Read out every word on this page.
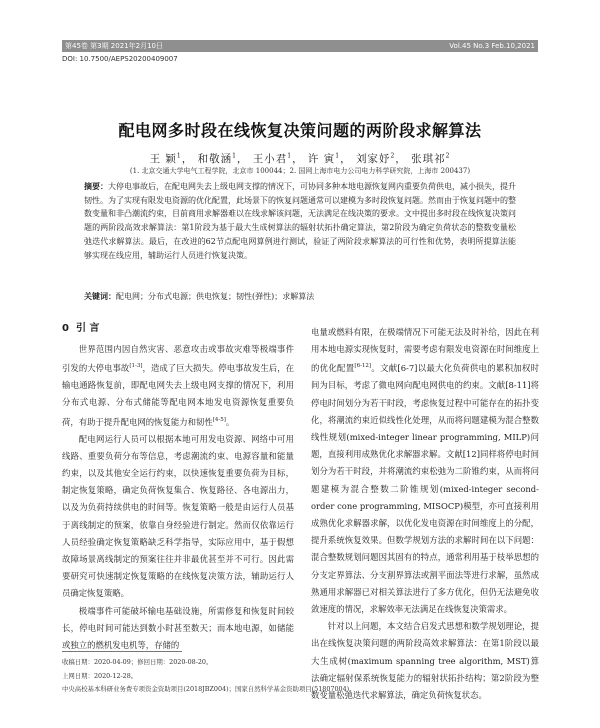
第45卷 第3期 2021年2月10日	Vol.45 No.3 Feb.10,2021
DOI: 10.7500/AEPS20200409007
配电网多时段在线恢复决策问题的两阶段求解算法
王 颖$^1$， 和敬涵$^1$， 王小君$^1$， 许 寅$^1$， 刘家妤$^2$， 张琪祁$^2$
(1. 北京交通大学电气工程学院，北京市 100044；2. 国网上海市电力公司电力科学研究院，上海市 200437)
摘要：大停电事故后，在配电网失去上级电网支撑的情况下，可协同多种本地电源恢复网内重要负荷供电，减小损失，提升韧性。为了实现有限发电资源的优化配置，此场景下的恢复问题通常可以建模为多时段恢复问题。然而由于恢复问题中的整数变量和非凸潮流约束，目前商用求解器难以在线求解该问题，无法满足在线决策的要求。文中提出多时段在线恢复决策问题的两阶段高效求解算法：第1阶段为基于最大生成树算法的辐射状拓扑确定算法，第2阶段为确定负荷状态的整数变量松弛迭代求解算法。最后，在改进的62节点配电网算例进行测试，验证了两阶段求解算法的可行性和优势，表明所提算法能够实现在线应用，辅助运行人员进行恢复决策。
关键词：配电网；分布式电源；供电恢复；韧性(弹性)；求解算法
0 引 言

世界范围内因自然灾害、恶意攻击或事故灾难等极端事件引发的大停电事故[1-3]，造成了巨大损失。停电事故发生后，在输电通路恢复前，即配电网失去上级电网支撑的情况下，利用分布式电源、分布式储能等配电网本地发电资源恢复重要负荷，有助于提升配电网的恢复能力和韧性[4-5]。

配电网运行人员可以根据本地可用发电资源、网络中可用线路、重要负荷分布等信息，考虑潮流约束、电源容量和能量约束，以及其他安全运行约束，以快速恢复重要负荷为目标，制定恢复策略，确定负荷恢复集合、恢复路径、各电源出力，以及为负荷持续供电的时间等。恢复策略一般是由运行人员基于离线制定的预案，依靠自身经验进行制定。然而仅依靠运行人员经验确定恢复策略缺乏科学指导，实际应用中，基于假想故障场景离线制定的预案往往并非最优甚至并不可行。因此需要研究可快速制定恢复策略的在线恢复决策方法，辅助运行人员确定恢复策略。

极端事件可能破坏输电基础设施，所需修复和恢复时间较长，停电时间可能达到数小时甚至数天；而本地电源，如储能或独立的燃机发电机等，存储的

电量或燃料有限，在极端情况下可能无法及时补给，因此在利用本地电源实现恢复时，需要考虑有限发电资源在时间维度上的优化配置[6-12]。文献[6-7]以最大化负荷供电的累积加权时间为目标，考虑了微电网向配电网供电的约束。文献[8-11]将停电时间划分为若干时段，考虑恢复过程中可能存在的拓扑变化，将潮流约束近似线性化处理，从而将问题建模为混合整数线性规划(mixed-integer linear programming, MILP)问题，直接利用成熟优化求解器求解。文献[12]同样将停电时间划分为若干时段，并将潮流约束松弛为二阶锥约束，从而将问题建模为混合整数二阶锥规划(mixed-integer second-order cone programming, MISOCP)模型，亦可直接利用成熟优化求解器求解，以优化发电资源在时间维度上的分配，提升系统恢复效果。但数学规划方法的求解时间在以下问题：混合整数规划问题因其固有的特点，通常利用基于枝举思想的分支定界算法、分支割界算法或割平面法等进行求解，虽然成熟通用求解器已对相关算法进行了多方优化，但仍无法避免收敛速度的情况，求解效率无法满足在线恢复决策需求。

针对以上问题，本文结合启发式思想和数学规划理论，提出在线恢复决策问题的两阶段高效求解算法：在第1阶段以最大生成树(maximum spanning tree algorithm, MST)算法确定辐射保系统恢复能力的辐射状拓扑结构；第2阶段为整数变量松弛迭代求解算法，确定负荷恢复状态。

收稿日期：2020-04-09；修回日期：2020-08-20。
上网日期：2020-12-28。
中央高校基本科研业务费专项资金资助项目(2018JBZ004)；国家自然科学基金资助项目(51807004)。
